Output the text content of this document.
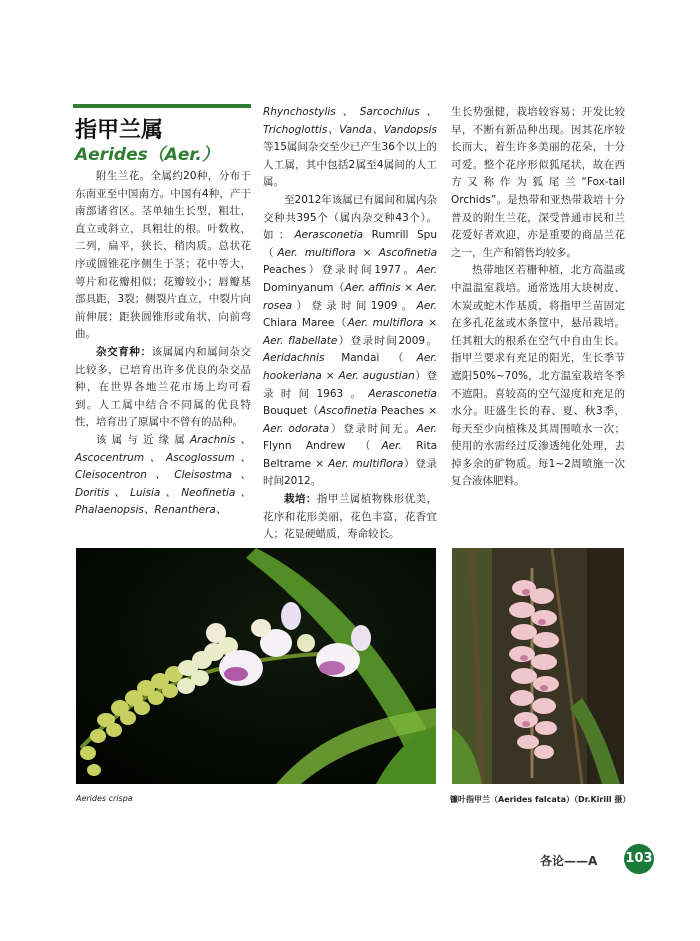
指甲兰属
Aerides（Aer.）

附生兰花。全属约20种，分布于东南亚至中国南方。中国有4种，产于南部诸省区。茎单轴生长型，粗壮，直立或斜立，具粗壮的根。叶数枚，二列，扁平，狭长，稍肉质。总状花序或圆锥花序侧生于茎；花中等大，萼片和花瓣相似；花瓣较小；唇瓣基部具距，3裂；侧裂片直立，中裂片向前伸展；距狭圆锥形或角状，向前弯曲。

杂交育种：该属属内和属间杂交比较多，已培育出许多优良的杂交品种，在世界各地兰花市场上均可看到。人工属中结合不同属的优良特性，培育出了原属中不曾有的品种。

该属与近缘属Arachnis、Ascocentrum、Ascoglossum、Cleisocentron、Cleisostma、Doritis、Luisia、Neofinetia、Phalaenopsis、Renanthera、

Rhynchostylis、Sarcochilus、Trichoglottis、Vanda、Vandopsis等15属间杂交至少已产生36个以上的人工属，其中包括2属至4属间的人工属。

至2012年该属已有属间和属内杂交种共395个（属内杂交种43个）。如：Aerasconetia Rumrill Spu（Aer. multiflora × Ascofinetia Peaches）登录时间1977。Aer. Dominyanum（Aer. affinis × Aer. rosea）登录时间1909。Aer. Chiara Maree（Aer. multiflora × Aer. flabellate）登录时间2009。Aeridachnis Mandai（Aer. hookeriana × Aer. augustian）登录时间1963。Aerasconetia Bouquet（Ascofinetia Peaches × Aer. odorata）登录时间无。Aer. Flynn Andrew （Aer. Rita Beltrame × Aer. multiflora）登录时间2012。

栽培：指甲兰属植物株形优美，花序和花形美丽，花色丰富，花香宜人；花显硬蜡质，寿命较长。

生长势强健，栽培较容易；开发比较早，不断有新品种出现。因其花序较长而大，着生许多美丽的花朵，十分可爱。整个花序形似狐尾状，故在西方又称作为狐尾兰“Fox-tail Orchids”。是热带和亚热带栽培十分普及的附生兰花，深受普通市民和兰花爱好者欢迎，亦是重要的商品兰花之一，生产和销售均较多。

热带地区若栅种植，北方高温或中温温室栽培。通常选用大块树皮、木炭或蛇木作基质，将指甲兰苗固定在多孔花盆或木条筐中，悬吊栽培。任其粗大的根系在空气中自由生长。指甲兰要求有充足的阳光，生长季节遮阳50%~70%，北方温室栽培冬季不遮阳。喜较高的空气湿度和充足的水分。旺盛生长的春、夏、秋3季，每天至少向植株及其周围喷水一次；使用的水需经过反渗透纯化处理，去掉多余的矿物质。每1~2周喷施一次复合液体肥料。

Aerides crispa	镰叶指甲兰（Aerides falcata）（Dr.Kirill 摄）
各论——A 103
